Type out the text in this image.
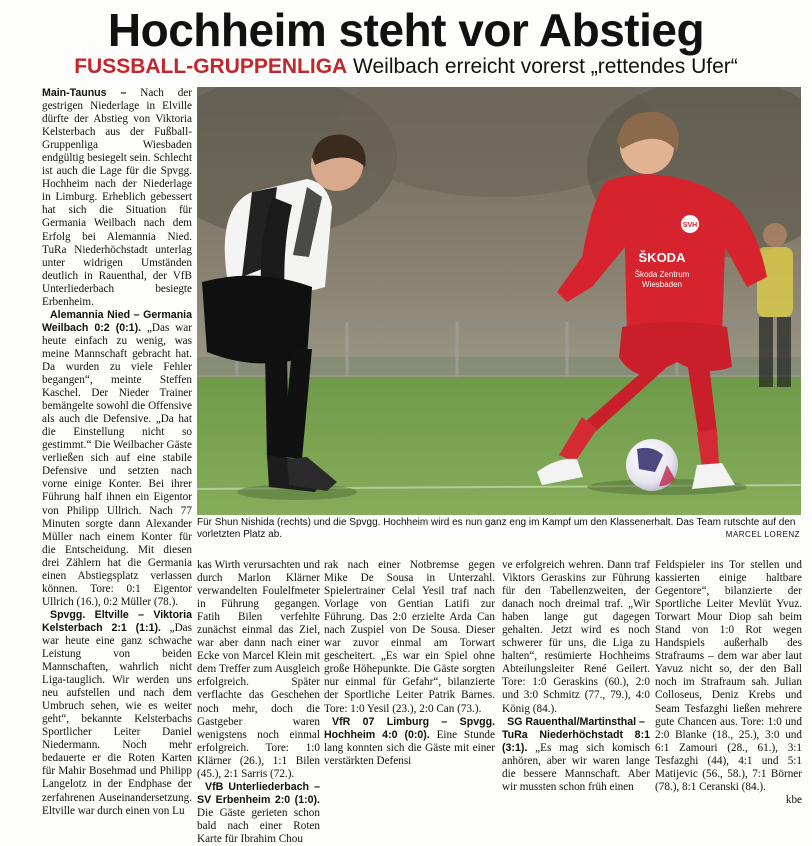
Hochheim steht vor Abstieg
FUSSBALL-GRUPPENLIGA Weilbach erreicht vorerst „rettendes Ufer“

Main-Taunus – Nach der gestrigen Niederlage in Elville dürfte der Abstieg von Viktoria Kelsterbach aus der Fußball-Gruppenliga Wiesbaden endgültig besiegelt sein. Schlecht ist auch die Lage für die Spvgg. Hochheim nach der Niederlage in Limburg. Erheblich gebessert hat sich die Situation für Germania Weilbach nach dem Erfolg bei Alemannia Nied. TuRa Niederhöchstadt unterlag unter widrigen Umständen deutlich in Rauenthal, der VfB Unterliederbach besiegte Erbenheim.

Alemannia Nied – Germania Weilbach 0:2 (0:1). „Das war heute einfach zu wenig, was meine Mannschaft gebracht hat. Da wurden zu viele Fehler begangen“, meinte Steffen Kaschel. Der Nieder Trainer bemängelte sowohl die Offensive als auch die Defensive. „Da hat die Einstellung nicht so gestimmt.“ Die Weilbacher Gäste verließen sich auf eine stabile Defensive und setzten nach vorne einige Konter. Bei ihrer Führung half ihnen ein Eigentor von Philipp Ullrich. Nach 77 Minuten sorgte dann Alexander Müller nach einem Konter für die Entscheidung. Mit diesen drei Zählern hat die Germania einen Abstiegsplatz verlassen können. Tore: 0:1 Eigentor Ullrich (16.), 0:2 Müller (78.).

Spvgg. Eltville – Viktoria Kelsterbach 2:1 (1:1). „Das war heute eine ganz schwache Leistung von beiden Mannschaften, wahrlich nicht Liga-tauglich. Wir werden uns neu aufstellen und nach dem Umbruch sehen, wie es weiter geht“, bekannte Kelsterbachs Sportlicher Leiter Daniel Niedermann. Noch mehr bedauerte er die Roten Karten für Mahir Bosehmad und Philipp Langelotz in der Endphase der zerfahrenen Auseinandersetzung. Eltville war durch einen von Lu

SVH
ŠKODA
Škoda Zentrum
Wiesbaden
Für Shun Nishida (rechts) und die Spvgg. Hochheim wird es nun ganz eng im Kampf um den Klassenerhalt. Das Team rutschte auf den vorletzten Platz ab.	MARCEL LORENZ

kas Wirth verursachten und durch Marlon Klärner verwandelten Foulelfmeter in Führung gegangen. Fatih Bilen verfehlte zunächst einmal das Ziel, war aber dann nach einer Ecke von Marcel Klein mit dem Treffer zum Ausgleich erfolgreich. Später verflachte das Geschehen noch mehr, doch die Gastgeber waren wenigstens noch einmal erfolgreich. Tore: 1:0 Klärner (26.), 1:1 Bilen (45.), 2:1 Sarris (72.).

VfB Unterliederbach – SV Erbenheim 2:0 (1:0). Die Gäste gerieten schon bald nach einer Roten Karte für Ibrahim Chou

rak nach einer Notbremse gegen Mike De Sousa in Unterzahl. Spielertrainer Celal Yesil traf nach Vorlage von Gentian Latifi zur Führung. Das 2:0 erzielte Arda Can nach Zuspiel von De Sousa. Dieser war zuvor einmal am Torwart gescheitert. „Es war ein Spiel ohne große Höhepunkte. Die Gäste sorgten nur einmal für Gefahr“, bilanzierte der Sportliche Leiter Patrik Barnes. Tore: 1:0 Yesil (23.), 2:0 Can (73.).

VfR 07 Limburg – Spvgg. Hochheim 4:0 (0:0). Eine Stunde lang konnten sich die Gäste mit einer verstärkten Defensi

ve erfolgreich wehren. Dann traf Viktors Geraskins zur Führung für den Tabellenzweiten, der danach noch dreimal traf. „Wir haben lange gut dagegen gehalten. Jetzt wird es noch schwerer für uns, die Liga zu halten“, resümierte Hochheims Abteilungsleiter René Geilert. Tore: 1:0 Geraskins (60.), 2:0 und 3:0 Schmitz (77., 79.), 4:0 König (84.).

SG Rauenthal/Martinsthal –

TuRa Niederhöchstadt 8:1 (3:1). „Es mag sich komisch anhören, aber wir waren lange die bessere Mannschaft. Aber wir mussten schon früh einen

Feldspieler ins Tor stellen und kassierten einige haltbare Gegentore“, bilanzierte der Sportliche Leiter Mevlüt Yvuz. Torwart Mour Diop sah beim Stand von 1:0 Rot wegen Handspiels außerhalb des Strafraums – dem war aber laut Yavuz nicht so, der den Ball noch im Strafraum sah. Julian Colloseus, Deniz Krebs und Seam Tesfazghi ließen mehrere gute Chancen aus. Tore: 1:0 und 2:0 Blanke (18., 25.), 3:0 und 6:1 Zamouri (28., 61.), 3:1 Tesfazghi (44), 4:1 und 5:1 Matijevic (56., 58.), 7:1 Börner (78.), 8:1 Ceranski (84.).

kbe
